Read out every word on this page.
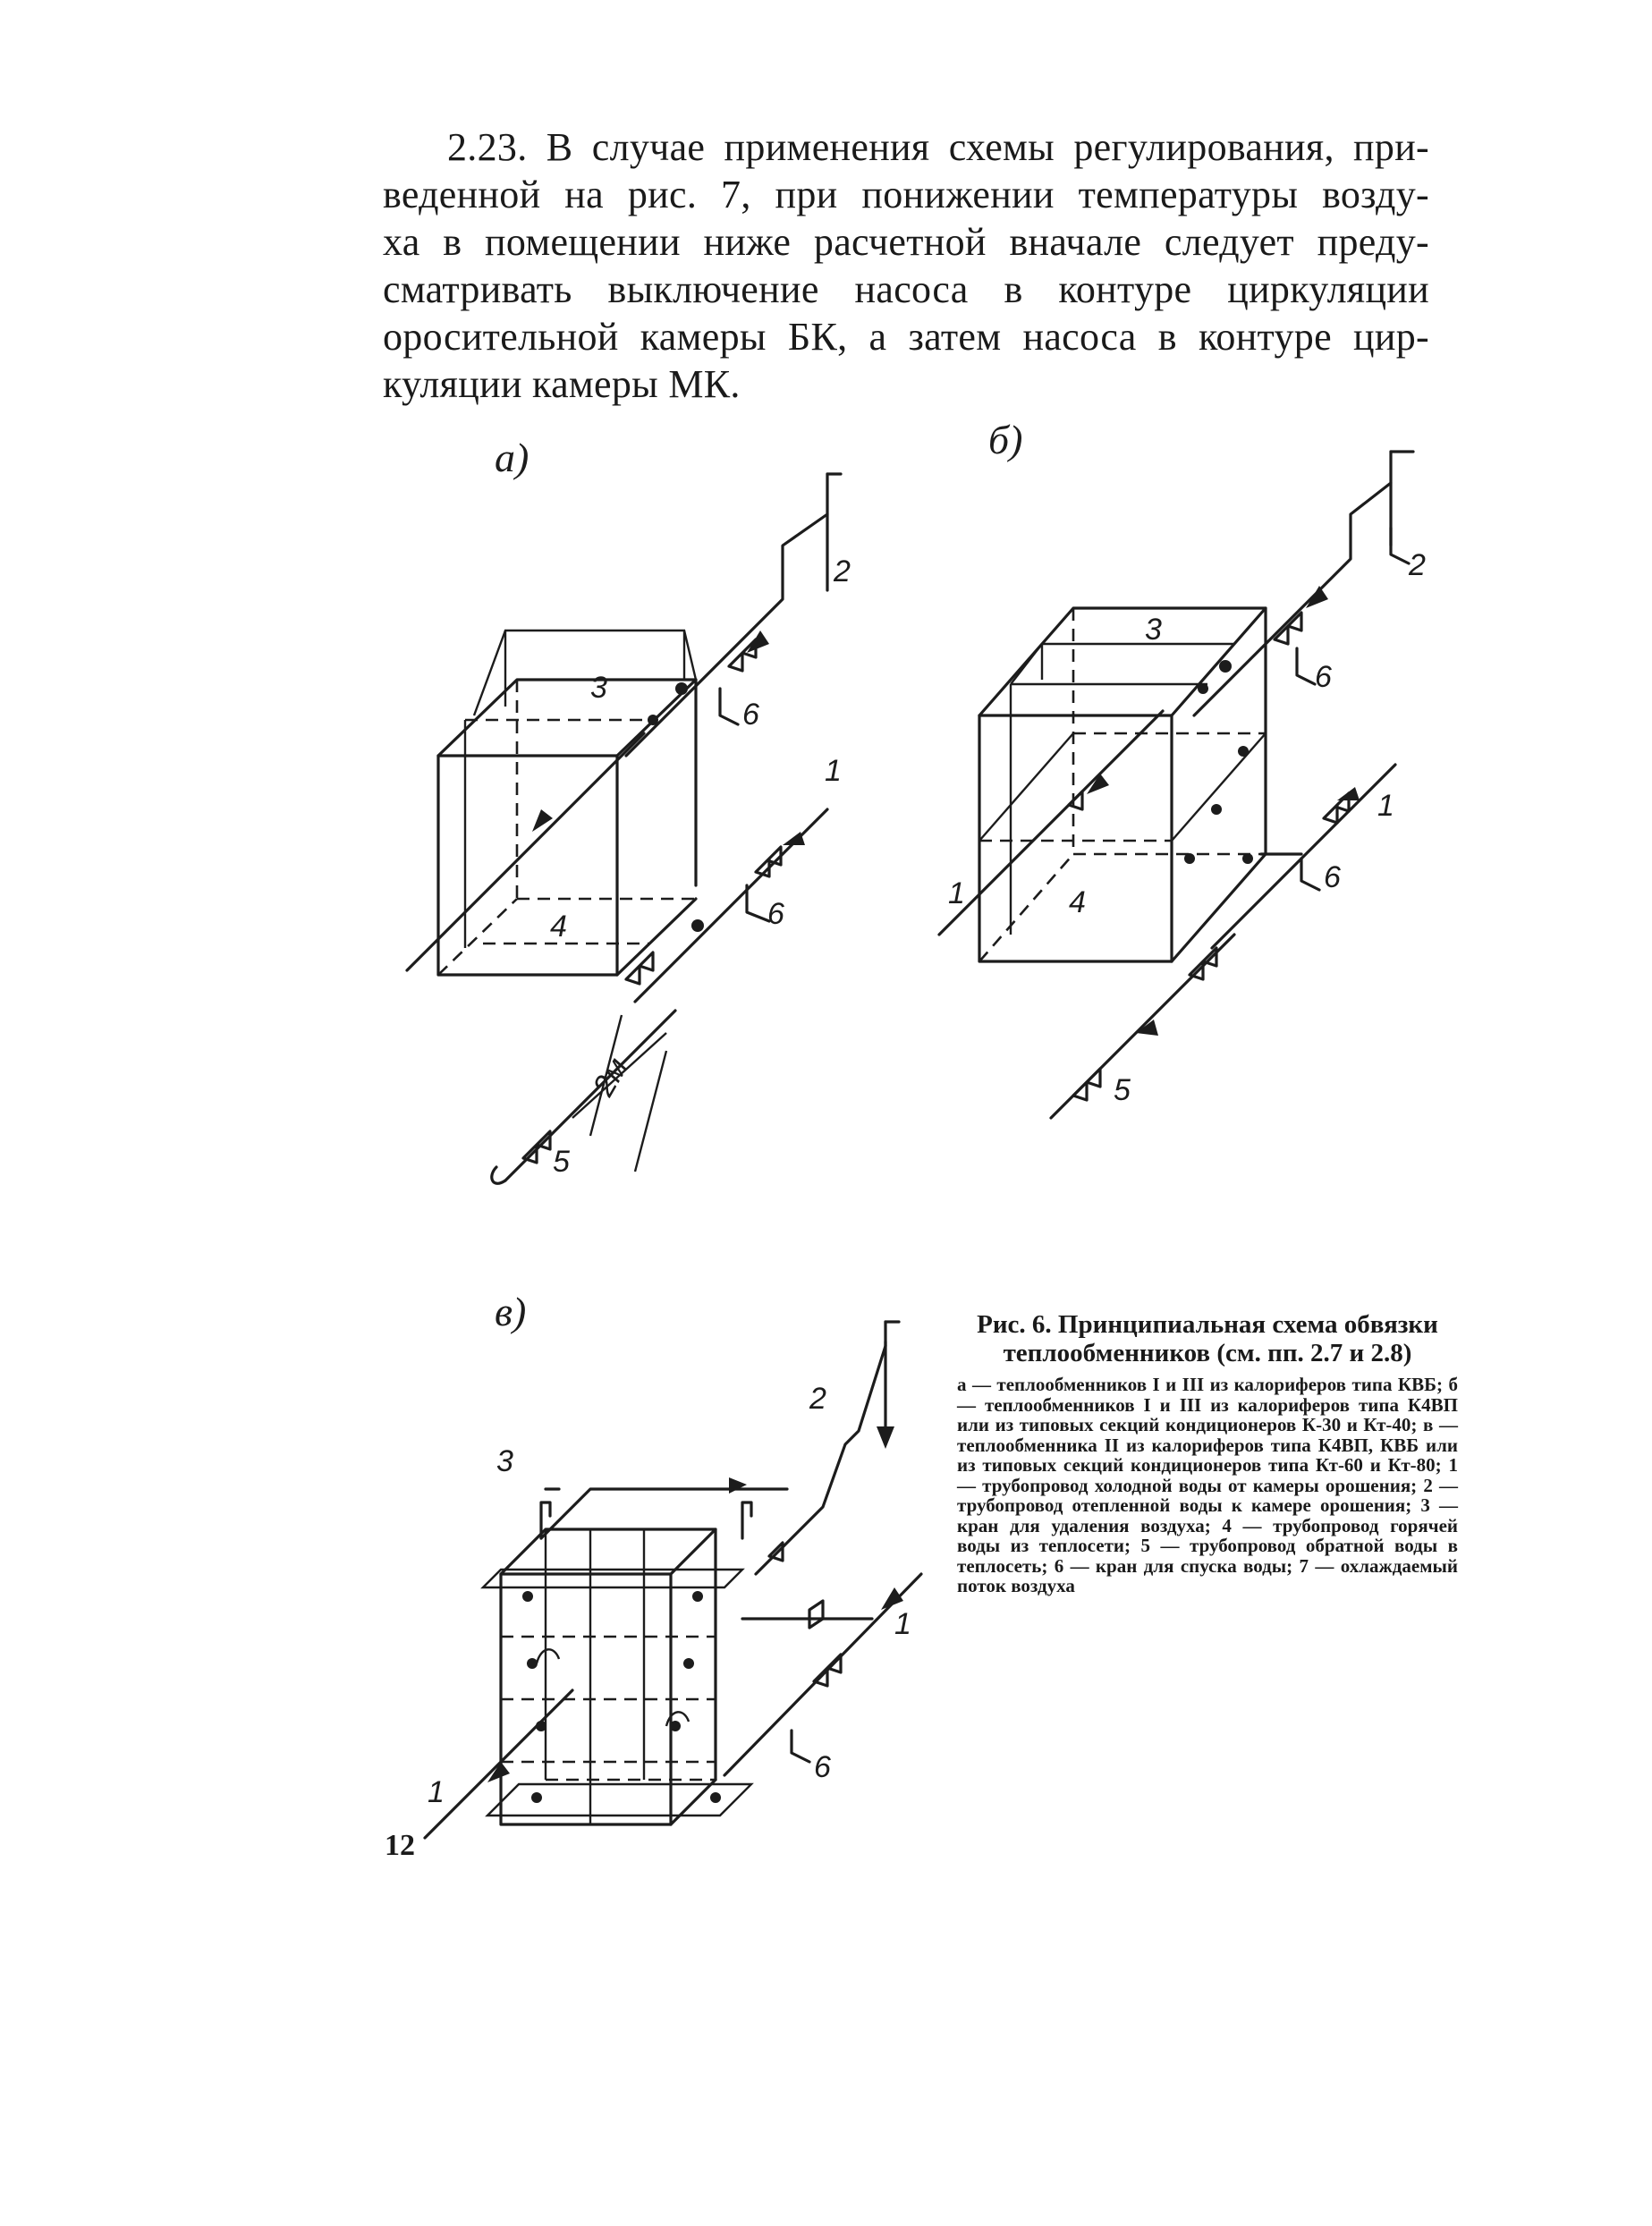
2.23. В случае применения схемы регулирования, при-
веденной на рис. 7, при понижении температуры возду-
ха в помещении ниже расчетной вначале следует преду-
сматривать выключение насоса в контуре циркуляции
оросительной камеры БК, а затем насоса в контуре цир-
куляции камеры МК.
а)	б)
в)
1
2
3
4
5
6
6
2м
1
1
2
3
4
5
6
6
1
1
2
3
6
Рис. 6. Принципиальная схема обвязки теплообменников (см. пп. 2.7 и 2.8)
а — теплообменников I и III из калориферов типа КВБ; б — теплообменников I и III из калориферов типа К4ВП или из типовых секций кондиционеров К-30 и Кт-40; в — теплообменника II из калориферов типа К4ВП, КВБ или из типовых секций кондиционеров типа Кт-60 и Кт-80; 1 — трубопровод холодной воды от камеры орошения; 2 — трубопровод отепленной воды к камере орошения; 3 — кран для удаления воздуха; 4 — трубопровод горячей воды из теплосети; 5 — трубопровод обратной воды в теплосеть; 6 — кран для спуска воды; 7 — охлаждаемый поток воздуха
12
